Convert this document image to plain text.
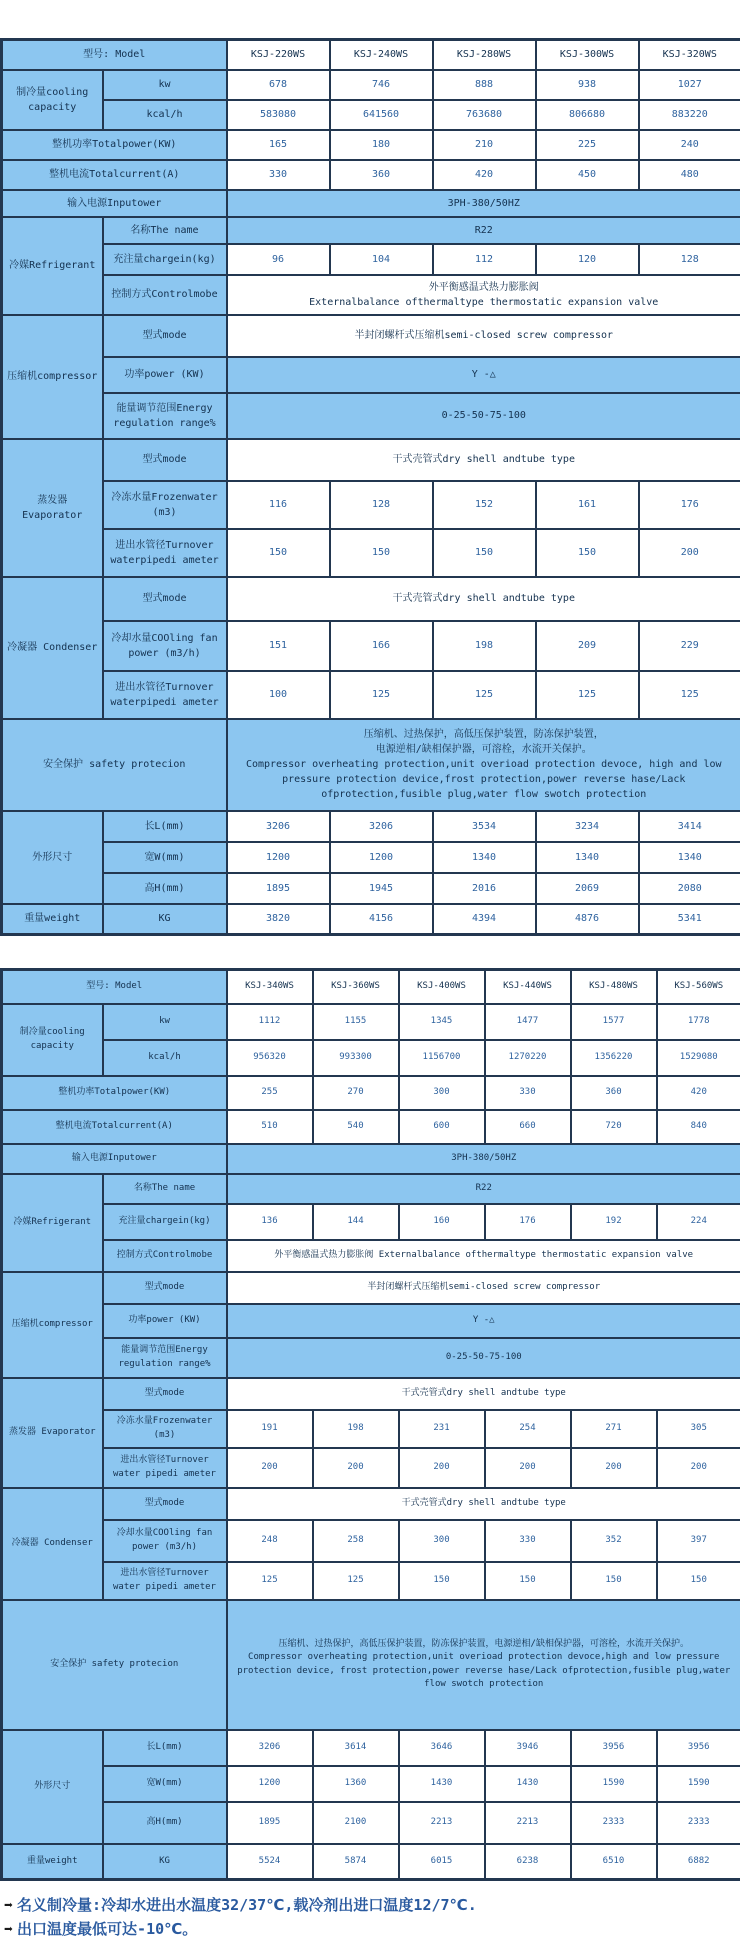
型号: Model		KSJ-220WS	KSJ-240WS	KSJ-280WS	KSJ-300WS	KSJ-320WS
制冷量cooling capacity	kw	678	746	888	938	1027
	kcal/h	583080	641560	763680	806680	883220
整机功率Totalpower(KW)		165	180	210	225	240
整机电流Totalcurrent(A)		330	360	420	450	480
输入电源Inputower		3PH-380/50HZ				
冷媒Refrigerant	名称The name	R22				
	充注量chargein(kg)	96	104	112	120	128
	控制方式Controlmobe	外平衡感温式热力膨胀阀
Externalbalance ofthermaltype thermostatic expansion valve				

压缩机compressor	型式mode	半封闭螺杆式压缩机semi-closed screw compressor				
	功率power (KW)	Y -△				
	能量调节范围Energy regulation range%	0-25-50-75-100				
蒸发器 Evaporator	型式mode	干式壳管式dry shell andtube type				
	冷冻水量Frozenwater (m3)	116	128	152	161	176
	进出水管径Turnover waterpipedi ameter	150	150	150	150	200
冷凝器 Condenser	型式mode	干式壳管式dry shell andtube type				
	冷却水量COOling fan power (m3/h)	151	166	198	209	229
	进出水管径Turnover waterpipedi ameter	100	125	125	125	125
安全保护 safety protecion		压缩机、过热保护，高低压保护装置，防冻保护装置，
电源逆相/缺相保护器，可溶栓，水流开关保护。
Compressor overheating protection,unit overioad protection devoce, high and low pressure protection device,frost protection,power reverse hase/Lack ofprotection,fusible plug,water flow swotch protection				

外形尺寸	长L(mm)	3206	3206	3534	3234	3414
	宽W(mm)	1200	1200	1340	1340	1340
	高H(mm)	1895	1945	2016	2069	2080
重量weight	KG	3820	4156	4394	4876	5341
型号: Model		KSJ-340WS	KSJ-360WS	KSJ-400WS	KSJ-440WS	KSJ-480WS	KSJ-560WS
制冷量cooling capacity	kw	1112	1155	1345	1477	1577	1778
	kcal/h	956320	993300	1156700	1270220	1356220	1529080
整机功率Totalpower(KW)		255	270	300	330	360	420
整机电流Totalcurrent(A)		510	540	600	660	720	840
输入电源Inputower		3PH-380/50HZ					
冷媒Refrigerant	名称The name	R22					
	充注量chargein(kg)	136	144	160	176	192	224
	控制方式Controlmobe	外平衡感温式热力膨胀阀 Externalbalance ofthermaltype thermostatic expansion valve					
压缩机compressor	型式mode	半封闭螺杆式压缩机semi-closed screw compressor					
	功率power (KW)	Y -△					
	能量调节范围Energy regulation range%	0-25-50-75-100					
蒸发器 Evaporator	型式mode	干式壳管式dry shell andtube type					
	冷冻水量Frozenwater (m3)	191	198	231	254	271	305
	进出水管径Turnover water pipedi ameter	200	200	200	200	200	200
冷凝器 Condenser	型式mode	干式壳管式dry shell andtube type					
	冷却水量COOling fan power (m3/h)	248	258	300	330	352	397
	进出水管径Turnover water pipedi ameter	125	125	150	150	150	150
安全保护 safety protecion		压缩机、过热保护，高低压保护装置，防冻保护装置，电源逆相/缺相保护器，可溶栓，水流开关保护。
Compressor overheating protection,unit overioad protection devoce,high and low pressure protection device, frost protection,power reverse hase/Lack ofprotection,fusible plug,water flow swotch protection					

外形尺寸	长L(mm)	3206	3614	3646	3946	3956	3956
	宽W(mm)	1200	1360	1430	1430	1590	1590
	高H(mm)	1895	2100	2213	2213	2333	2333
重量weight	KG	5524	5874	6015	6238	6510	6882
➡ 名义制冷量:冷却水进出水温度32/37℃,载冷剂出进口温度12/7℃.
➡ 出口温度最低可达-10℃。
